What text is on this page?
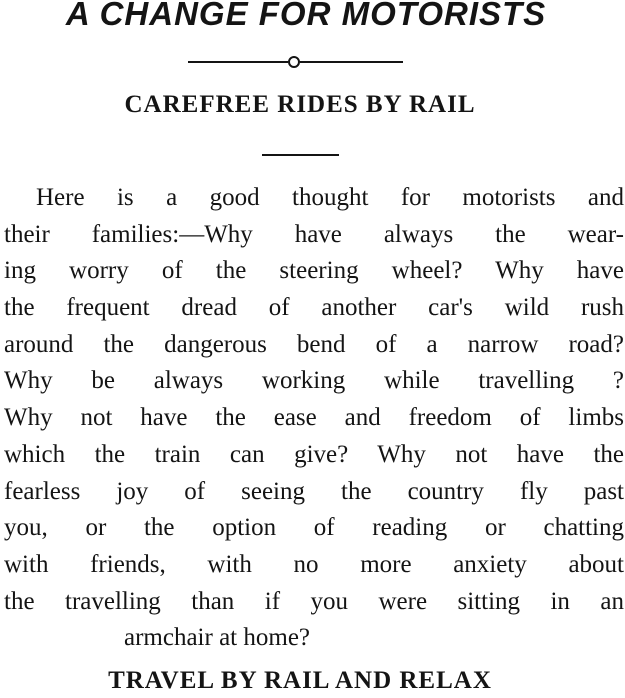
A CHANGE FOR MOTORISTS
CAREFREE RIDES BY RAIL
Here is a good thought for motorists and
their families:—Why have always the wear-
ing worry of the steering wheel? Why have
the frequent dread of another car's wild rush
around the dangerous bend of a narrow road?
Why be always working while travelling ?
Why not have the ease and freedom of limbs
which the train can give? Why not have the
fearless joy of seeing the country fly past
you, or the option of reading or chatting
with friends, with no more anxiety about
the travelling than if you were sitting in an
armchair at home?
TRAVEL BY RAIL AND RELAX
